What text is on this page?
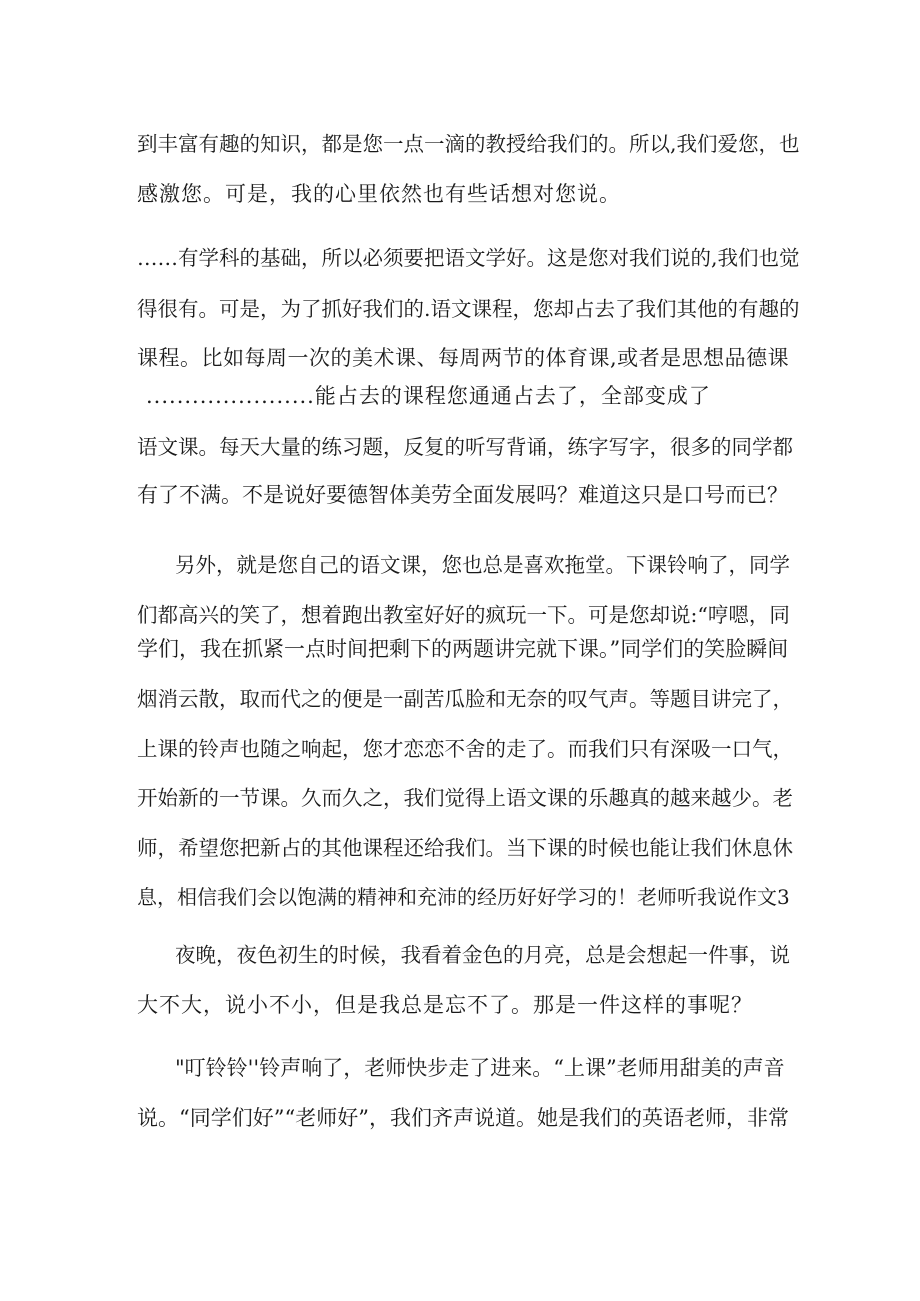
到丰富有趣的知识，都是您一点一滴的教授给我们的。所以,我们爱您，也
感激您。可是，我的心里依然也有些话想对您说。
……有学科的基础，所以必须要把语文学好。这是您对我们说的,我们也觉
得很有。可是，为了抓好我们的.语文课程，您却占去了我们其他的有趣的
课程。比如每周一次的美术课、每周两节的体育课,或者是思想品德课
......................能占去的课程您通通占去了，全部变成了
语文课。每天大量的练习题，反复的听写背诵，练字写字，很多的同学都
有了不满。不是说好要德智体美劳全面发展吗？难道这只是口号而已？
另外，就是您自己的语文课，您也总是喜欢拖堂。下课铃响了，同学
们都高兴的笑了，想着跑出教室好好的疯玩一下。可是您却说:“哼嗯，同
学们，我在抓紧一点时间把剩下的两题讲完就下课。”同学们的笑脸瞬间
烟消云散，取而代之的便是一副苦瓜脸和无奈的叹气声。等题目讲完了，
上课的铃声也随之响起，您才恋恋不舍的走了。而我们只有深吸一口气，
开始新的一节课。久而久之，我们觉得上语文课的乐趣真的越来越少。老
师，希望您把新占的其他课程还给我们。当下课的时候也能让我们休息休
息，相信我们会以饱满的精神和充沛的经历好好学习的！老师听我说作文3
夜晚，夜色初生的时候，我看着金色的月亮，总是会想起一件事，说
大不大，说小不小，但是我总是忘不了。那是一件这样的事呢？
"叮铃铃''铃声响了，老师快步走了进来。“上课”老师用甜美的声音
说。“同学们好”“老师好”，我们齐声说道。她是我们的英语老师，非常
